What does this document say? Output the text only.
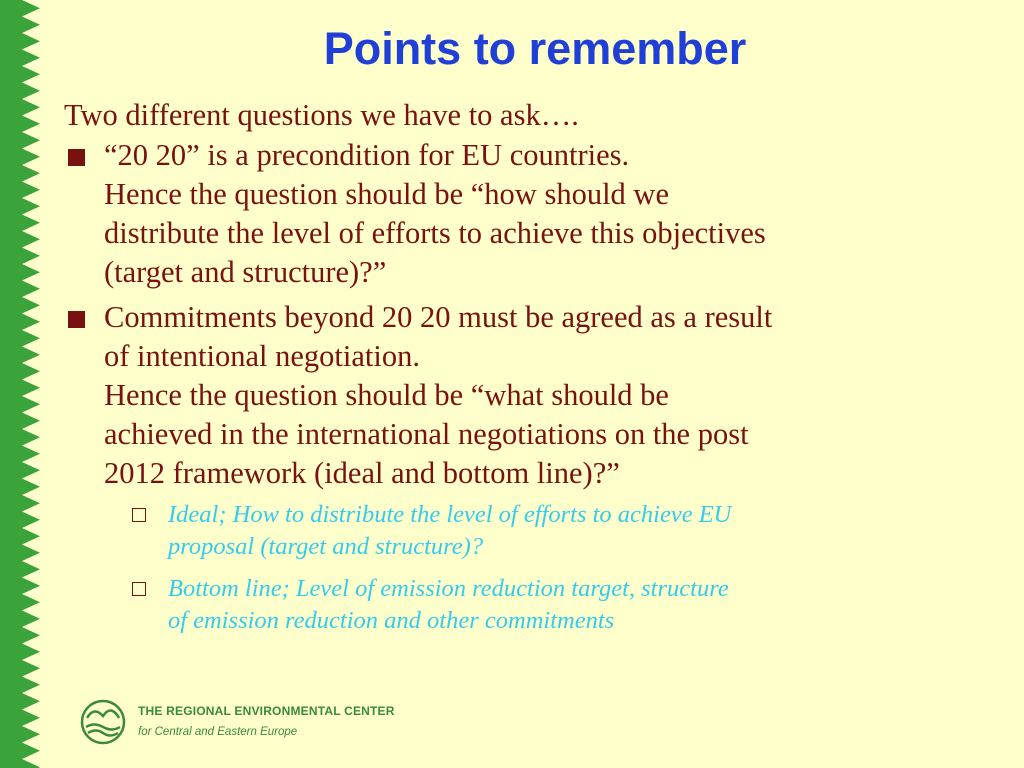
Points to remember
Two different questions we have to ask….
“20 20” is a precondition for EU countries.
Hence the question should be “how should we
distribute the level of efforts to achieve this objectives
(target and structure)?”
Commitments beyond 20 20 must be agreed as a result
of intentional negotiation.
Hence the question should be “what should be
achieved in the international negotiations on the post
2012 framework (ideal and bottom line)?”
Ideal; How to distribute the level of efforts to achieve EU
proposal (target and structure)?
Bottom line; Level of emission reduction target, structure
of emission reduction and other commitments
THE REGIONAL ENVIRONMENTAL CENTER
for Central and Eastern Europe
